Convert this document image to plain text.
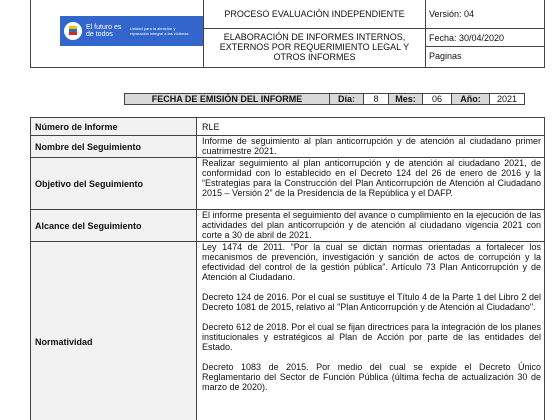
El futuro es de todos
Unidad para la atención y reparación integral a las víctimas
PROCESO EVALUACIÒN INDEPENDIENTE
ELABORACIÓN DE INFORMES INTERNOS, EXTERNOS POR REQUERIMIENTO LEGAL Y OTROS INFORMES
Versión: 04
Fecha: 30/04/2020
Paginas
FECHA DE EMISIÓN DEL INFORME	Día:	8	Mes:	06	Año:	2021
Número de Informe	RLE
Nombre del Seguimiento	Informe de seguimiento al plan anticorrupción y de atención al ciudadano primer cuatrimestre 2021.
Objetivo del Seguimiento	Realizar seguimiento al plan anticorrupción y de atención al ciudadano 2021, de conformidad con lo establecido en el Decreto 124 del 26 de enero de 2016 y la “Estrategias para la Construcción del Plan Anticorrupción de Atención al Ciudadano 2015 – Versión 2” de la Presidencia de la República y el DAFP.
Alcance del Seguimiento	El informe presenta el seguimiento del avance o cumplimiento en la ejecución de las actividades del plan anticorrupción y de atención al ciudadano vigencia 2021 con corte a 30 de abril de 2021.
Normatividad	Ley 1474 de 2011. “Por la cual se dictan normas orientadas a fortalecer los mecanismos de prevención, investigación y sanción de actos de corrupción y la efectividad del control de la gestión pública”. Artículo 73 Plan Anticorrupción y de Atención al Ciudadano.

Decreto 124 de 2016. Por el cual se sustituye el Título 4 de la Parte 1 del Libro 2 del Decreto 1081 de 2015, relativo al "Plan Anticorrupción y de Atención al Ciudadano".

Decreto 612 de 2018. Por el cual se fijan directrices para la integración de los planes institucionales y estratégicos al Plan de Acción por parte de las entidades del Estado.

Decreto 1083 de 2015. Por medio del cual se expide el Decreto Único Reglamentario del Sector de Función Pública (última fecha de actualización 30 de marzo de 2020).
